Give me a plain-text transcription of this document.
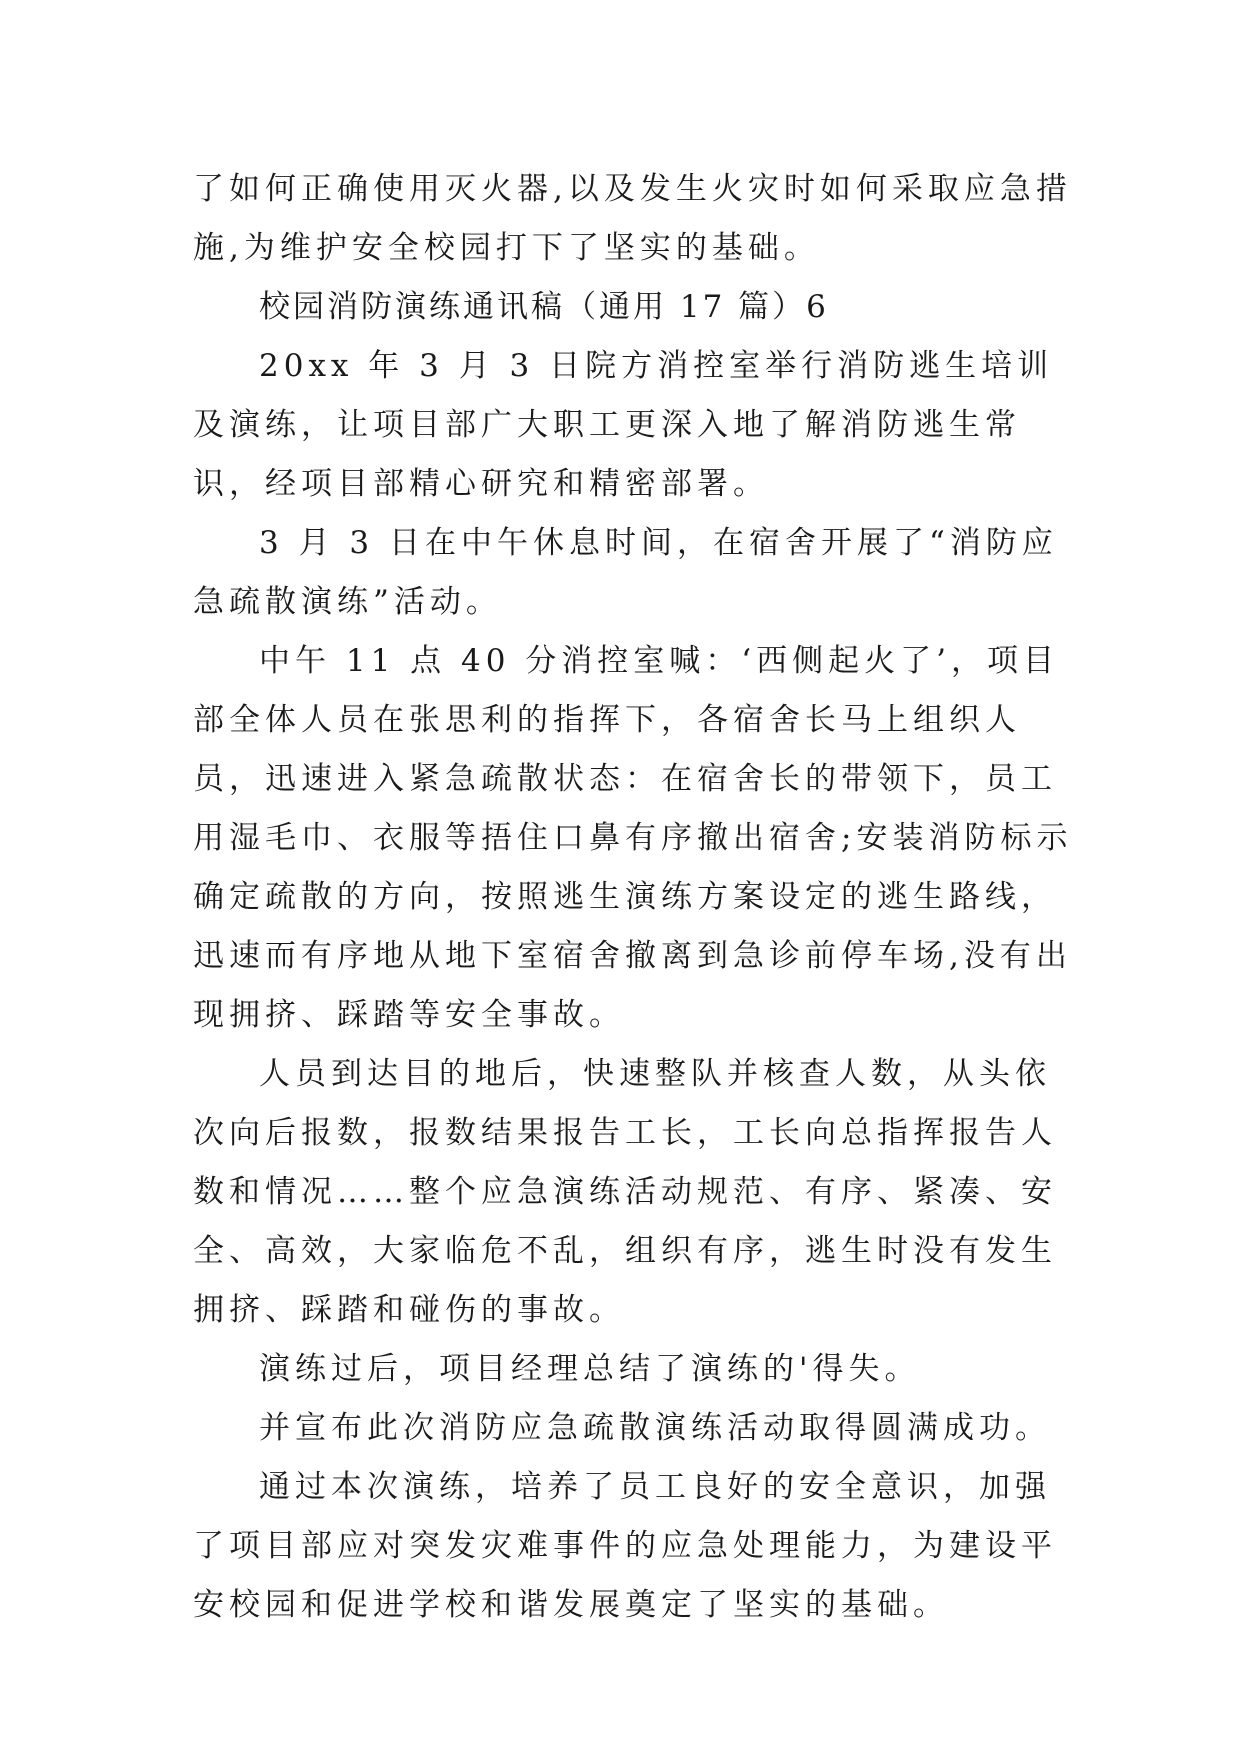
了如何正确使用灭火器,以及发生火灾时如何采取应急措施,为维护安全校园打下了坚实的基础。

校园消防演练通讯稿（通用 17 篇）6

20xx 年 3 月 3 日院方消控室举行消防逃生培训及演练，让项目部广大职工更深入地了解消防逃生常识，经项目部精心研究和精密部署。

3 月 3 日在中午休息时间，在宿舍开展了“消防应急疏散演练”活动。

中午 11 点 40 分消控室喊：‘西侧起火了’，项目部全体人员在张思利的指挥下，各宿舍长马上组织人员，迅速进入紧急疏散状态：在宿舍长的带领下，员工用湿毛巾、衣服等捂住口鼻有序撤出宿舍;安装消防标示确定疏散的方向，按照逃生演练方案设定的逃生路线，迅速而有序地从地下室宿舍撤离到急诊前停车场,没有出现拥挤、踩踏等安全事故。

人员到达目的地后，快速整队并核查人数，从头依次向后报数，报数结果报告工长，工长向总指挥报告人数和情况……整个应急演练活动规范、有序、紧凑、安全、高效，大家临危不乱，组织有序，逃生时没有发生拥挤、踩踏和碰伤的事故。

演练过后，项目经理总结了演练的'得失。

并宣布此次消防应急疏散演练活动取得圆满成功。

通过本次演练，培养了员工良好的安全意识，加强了项目部应对突发灾难事件的应急处理能力，为建设平安校园和促进学校和谐发展奠定了坚实的基础。
